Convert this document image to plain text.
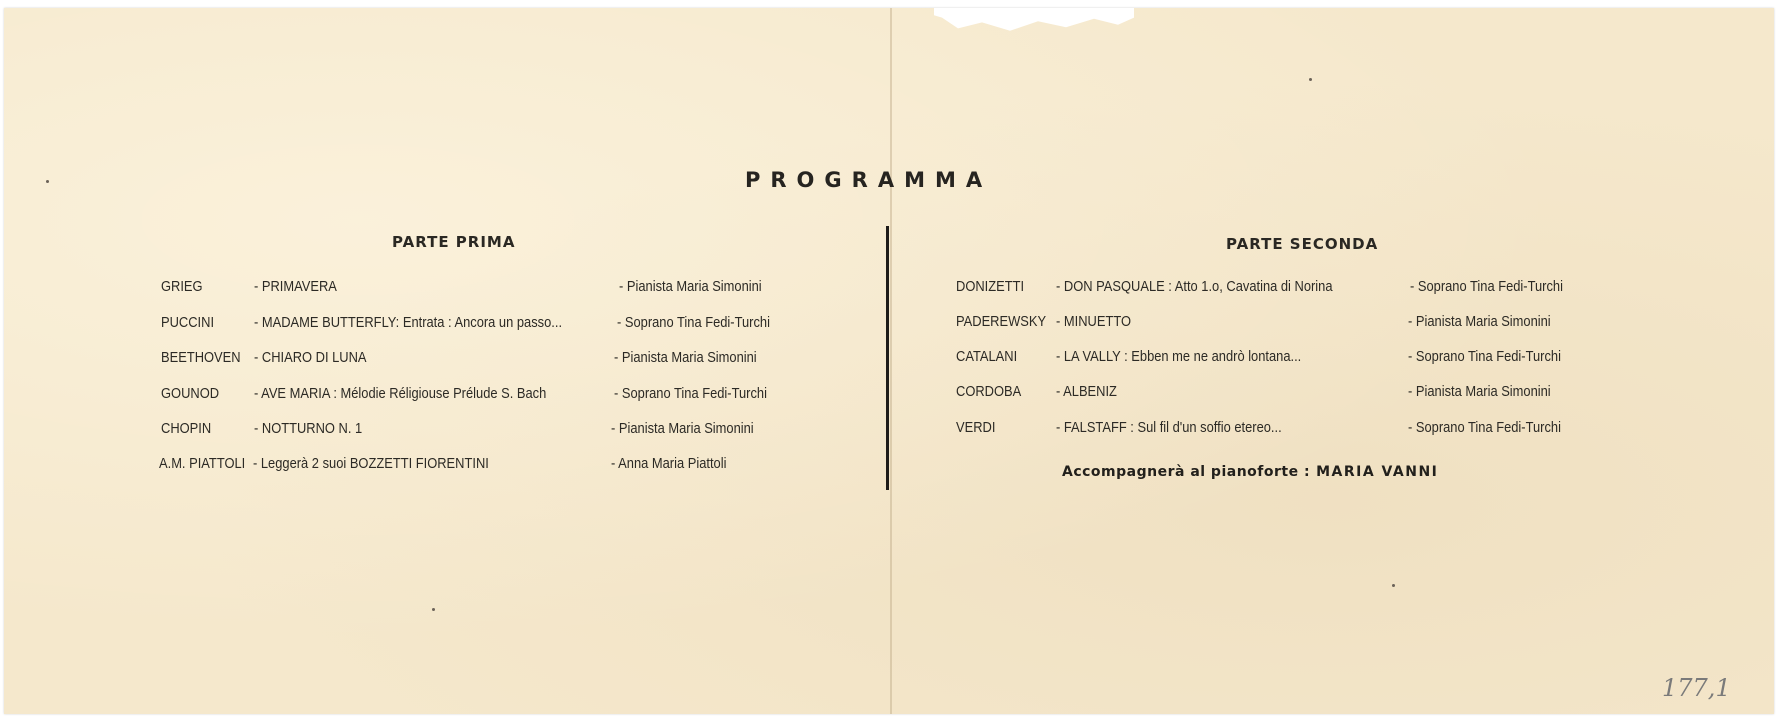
PROGRAMMA
PARTE PRIMA
GRIEG	- PRIMAVERA	- Pianista Maria Simonini
PUCCINI	- MADAME BUTTERFLY: Entrata : Ancora un passo...	- Soprano Tina Fedi-Turchi
BEETHOVEN - CHIARO DI LUNA	- Pianista Maria Simonini
GOUNOD - AVE MARIA : Mélodie Réligiouse Prélude S. Bach	- Soprano Tina Fedi-Turchi
CHOPIN	- NOTTURNO N. 1	- Pianista Maria Simonini
A.M. PIATTOLI - Leggerà 2 suoi BOZZETTI FIORENTINI	- Anna Maria Piattoli
PARTE SECONDA
DONIZETTI - DON PASQUALE : Atto 1.o, Cavatina di Norina	- Soprano Tina Fedi-Turchi
PADEREWSKY - MINUETTO	- Pianista Maria Simonini
CATALANI	- LA VALLY : Ebben me ne andrò lontana...	- Soprano Tina Fedi-Turchi
CORDOBA - ALBENIZ	- Pianista Maria Simonini
VERDI	- FALSTAFF : Sul fil d'un soffio etereo...	- Soprano Tina Fedi-Turchi
Accompagnerà al pianoforte : MARIA VANNI
177,1
